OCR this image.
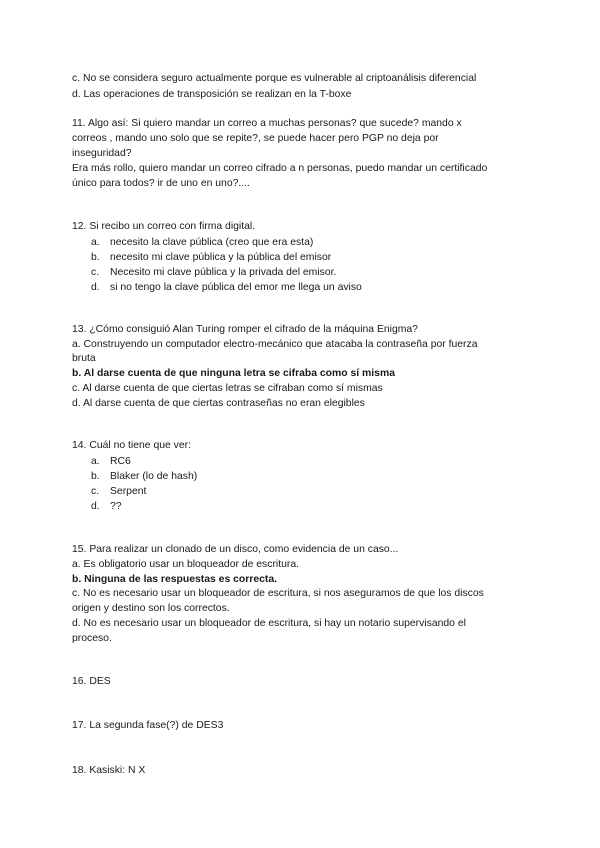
c. No se considera seguro actualmente porque es vulnerable al criptoanálisis diferencial
d. Las operaciones de transposición se realizan en la T-boxe
11. Algo así: Si quiero mandar un correo a muchas personas? que sucede? mando x
correos , mando uno solo que se repite?, se puede hacer pero PGP no deja por
inseguridad?
Era más rollo, quiero mandar un correo cifrado a n personas, puedo mandar un certificado
único para todos? ir de uno en uno?....
12. Si recibo un correo con firma digital.
a. necesito la clave pública (creo que era esta)
b. necesito mi clave pública y la pública del emisor
c. Necesito mi clave pública y la privada del emisor.
d. si no tengo la clave pública del emor me llega un aviso
13. ¿Cómo consiguió Alan Turing romper el cifrado de la máquina Enigma?
a. Construyendo un computador electro-mecánico que atacaba la contraseña por fuerza
bruta
b. Al darse cuenta de que ninguna letra se cifraba como sí misma
c. Al darse cuenta de que ciertas letras se cifraban como sí mismas
d. Al darse cuenta de que ciertas contraseñas no eran elegibles
14. Cuál no tiene que ver:
a. RC6
b. Blaker (lo de hash)
c. Serpent
d. ??
15. Para realizar un clonado de un disco, como evidencia de un caso...
a. Es obligatorio usar un bloqueador de escritura.
b. Ninguna de las respuestas es correcta.
c. No es necesario usar un bloqueador de escritura, si nos aseguramos de que los discos
origen y destino son los correctos.
d. No es necesario usar un bloqueador de escritura, si hay un notario supervisando el
proceso.
16. DES
17. La segunda fase(?) de DES3
18. Kasiski: N X
